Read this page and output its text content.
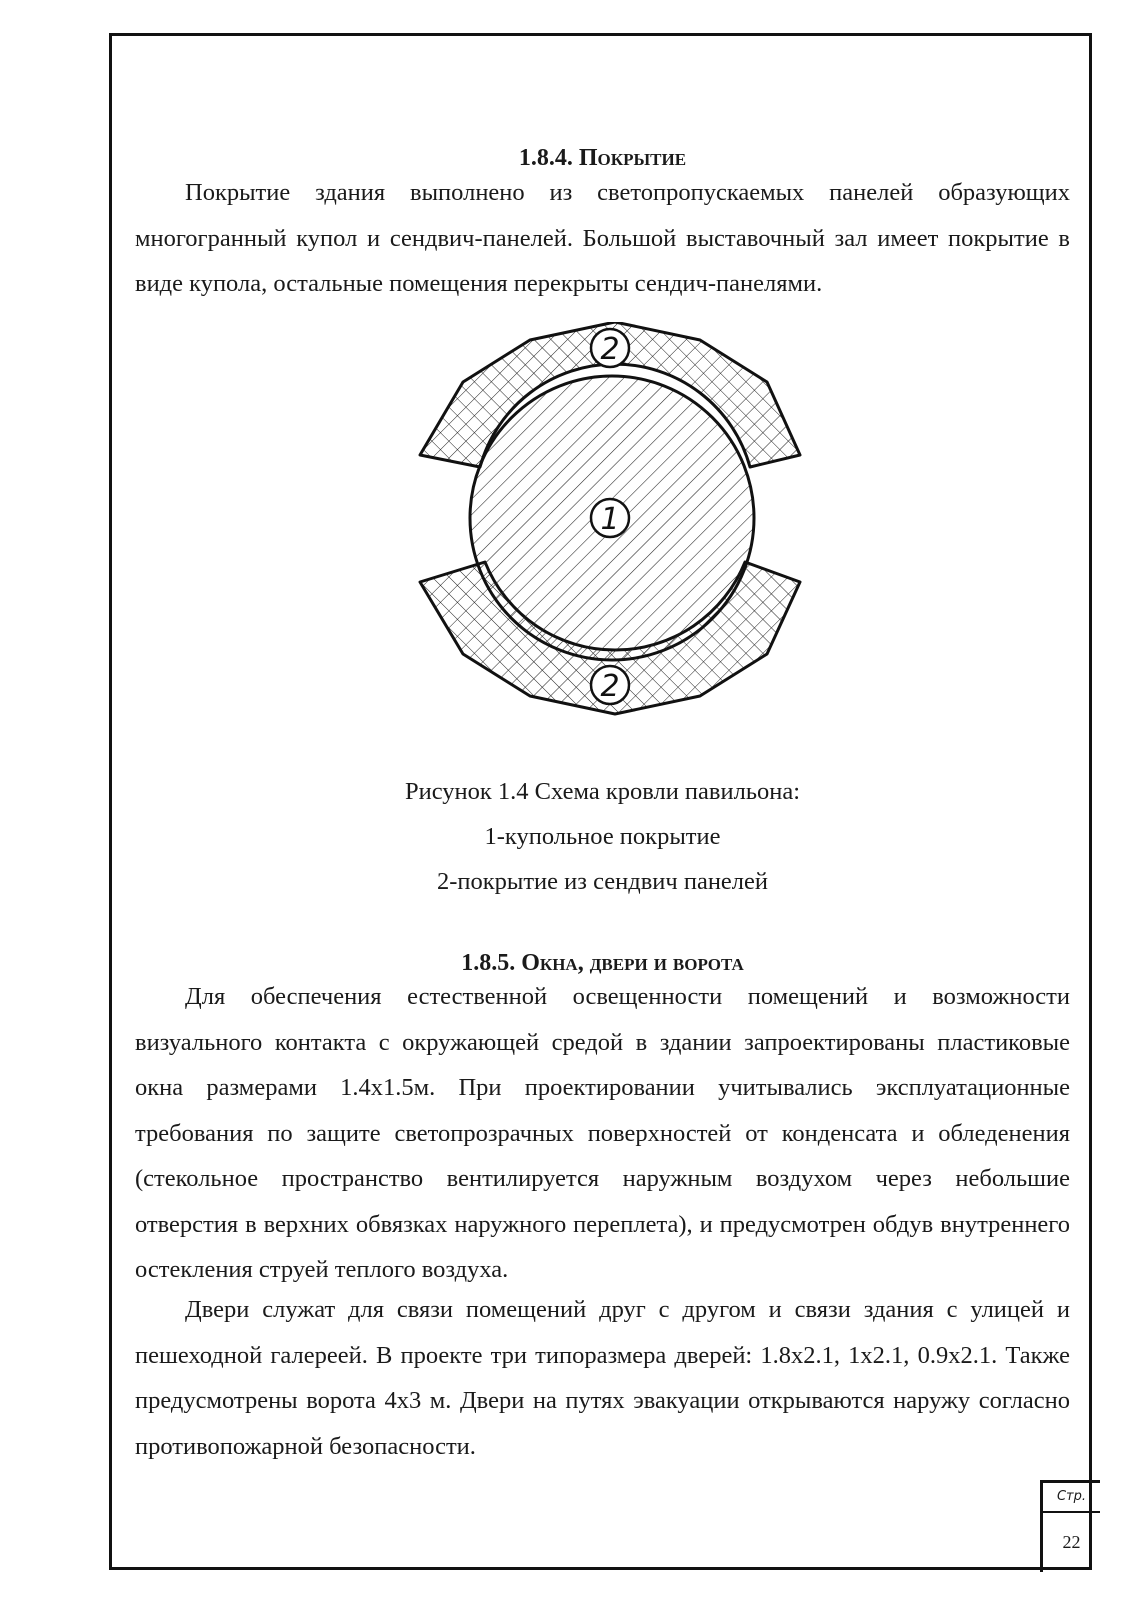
1.8.4. Покрытие

Покрытие здания выполнено из светопропускаемых панелей образующих многогранный купол и сендвич-панелей. Большой выставочный зал имеет покрытие в виде купола, остальные помещения перекрыты сендич-панелями.

1
2
2
Рисунок 1.4 Схема кровли павильона:
1-купольное покрытие
2-покрытие из сендвич панелей
1.8.5. Окна, двери и ворота

Для обеспечения естественной освещенности помещений и возможности визуального контакта с окружающей средой в здании запроектированы пластиковые окна размерами 1.4х1.5м. При проектировании учитывались эксплуатационные требования по защите светопрозрачных поверхностей от конденсата и обледенения (стекольное пространство вентилируется наружным воздухом через небольшие отверстия в верхних обвязках наружного переплета), и предусмотрен обдув внутреннего остекления струей теплого воздуха.

Двери служат для связи помещений друг с другом и связи здания с улицей и пешеходной галереей. В проекте три типоразмера дверей: 1.8х2.1, 1х2.1, 0.9х2.1. Также предусмотрены ворота 4х3 м. Двери на путях эвакуации открываются наружу согласно противопожарной безопасности.

Стр.
22
